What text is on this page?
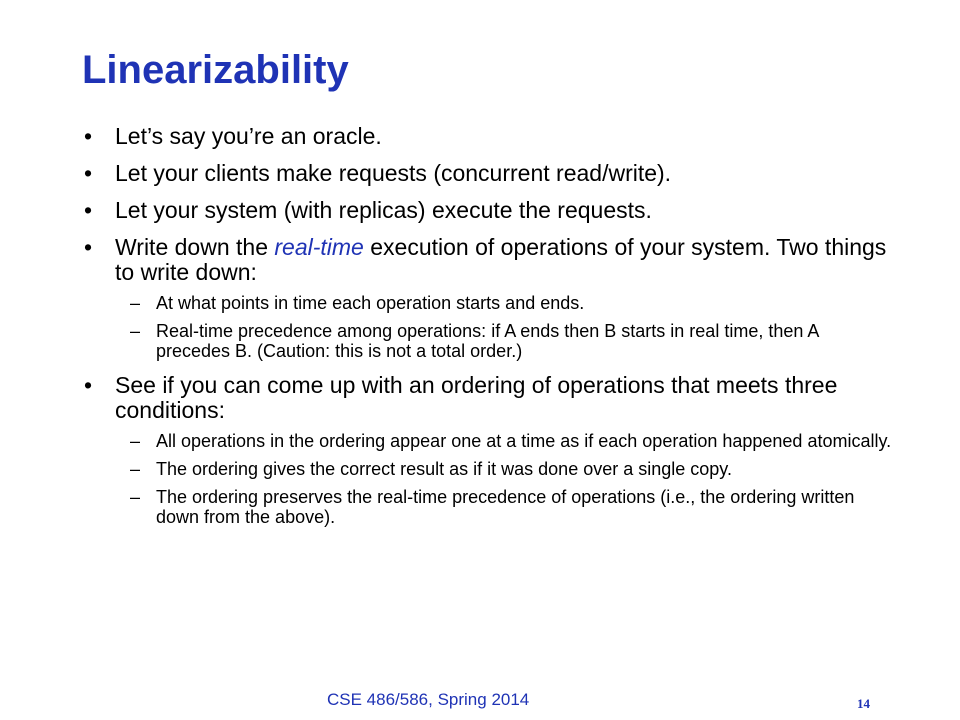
Linearizability
• Let’s say you’re an oracle.
• Let your clients make requests (concurrent read/write).
• Let your system (with replicas) execute the requests.
• Write down the real-time execution of operations of your system. Two things to write down:
– At what points in time each operation starts and ends.
– Real-time precedence among operations: if A ends then B starts in real time, then A precedes B. (Caution: this is not a total order.)
• See if you can come up with an ordering of operations that meets three conditions:
– All operations in the ordering appear one at a time as if each operation happened atomically.
– The ordering gives the correct result as if it was done over a single copy.
– The ordering preserves the real-time precedence of operations (i.e., the ordering written down from the above).
CSE 486/586, Spring 2014	14
